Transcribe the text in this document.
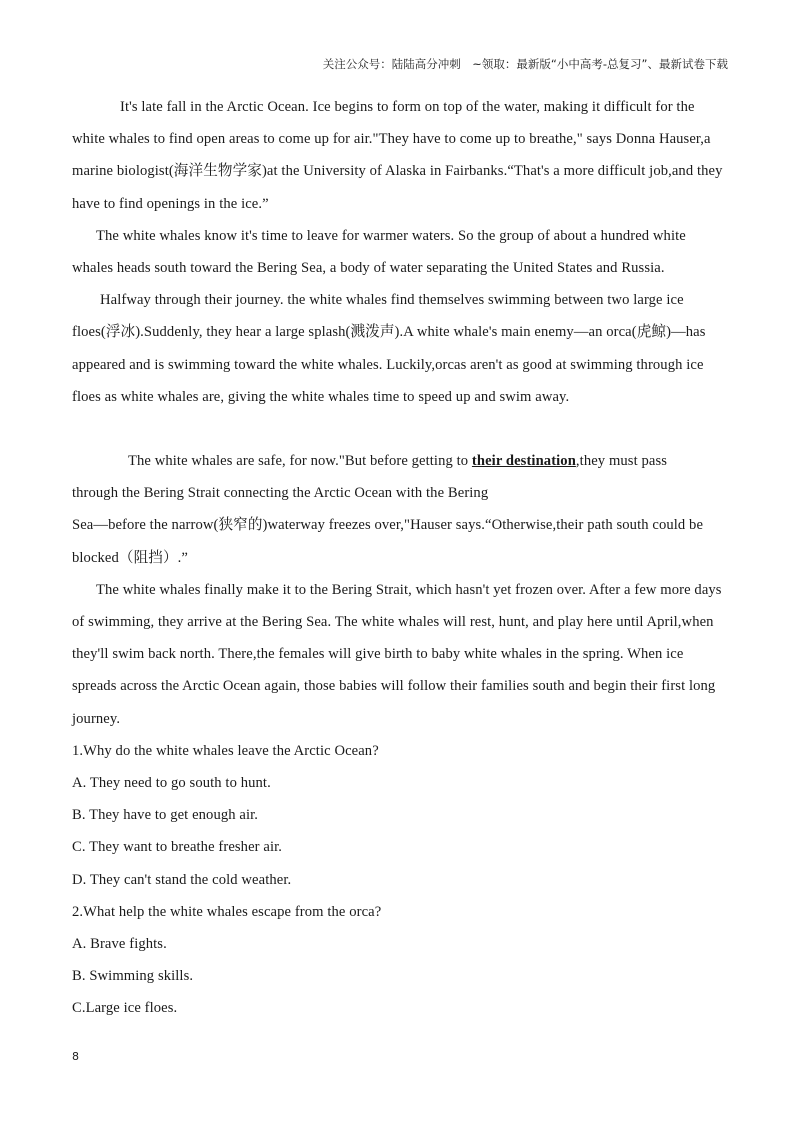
关注公众号：陆陆高分冲刺　~领取：最新版“小中高考-总复习”、最新试卷下载

It's late fall in the Arctic Ocean. Ice begins to form on top of the water, making it difficult for the white whales to find open areas to come up for air."They have to come up to breathe," says Donna Hauser,a marine biologist(海洋生物学家)at the University of Alaska in Fairbanks.“That's a more difficult job,and they have to find openings in the ice.”

The white whales know it's time to leave for warmer waters. So the group of about a hundred white whales heads south toward the Bering Sea, a body of water separating the United States and Russia.

Halfway through their journey. the white whales find themselves swimming between two large ice floes(浮冰).Suddenly, they hear a large splash(溅泼声).A white whale's main enemy—an orca(虎鲸)—has appeared and is swimming toward the white whales. Luckily,orcas aren't as good at swimming through ice floes as white whales are, giving the white whales time to speed up and swim away.

The white whales are safe, for now."But before getting to their destination,they must pass
through the Bering Strait connecting the Arctic Ocean with the Bering
Sea—before the narrow(狭窄的)waterway freezes over,"Hauser says.“Otherwise,their path south could be blocked（阻挡）.”

The white whales finally make it to the Bering Strait, which hasn't yet frozen over. After a few more days of swimming, they arrive at the Bering Sea. The white whales will rest, hunt, and play here until April,when they'll swim back north. There,the females will give birth to baby white whales in the spring. When ice spreads across the Arctic Ocean again, those babies will follow their families south and begin their first long journey.

1.Why do the white whales leave the Arctic Ocean?

A. They need to go south to hunt.

B. They have to get enough air.

C. They want to breathe fresher air.

D. They can't stand the cold weather.

2.What help the white whales escape from the orca?

A. Brave fights.

B. Swimming skills.

C.Large ice floes.

8
